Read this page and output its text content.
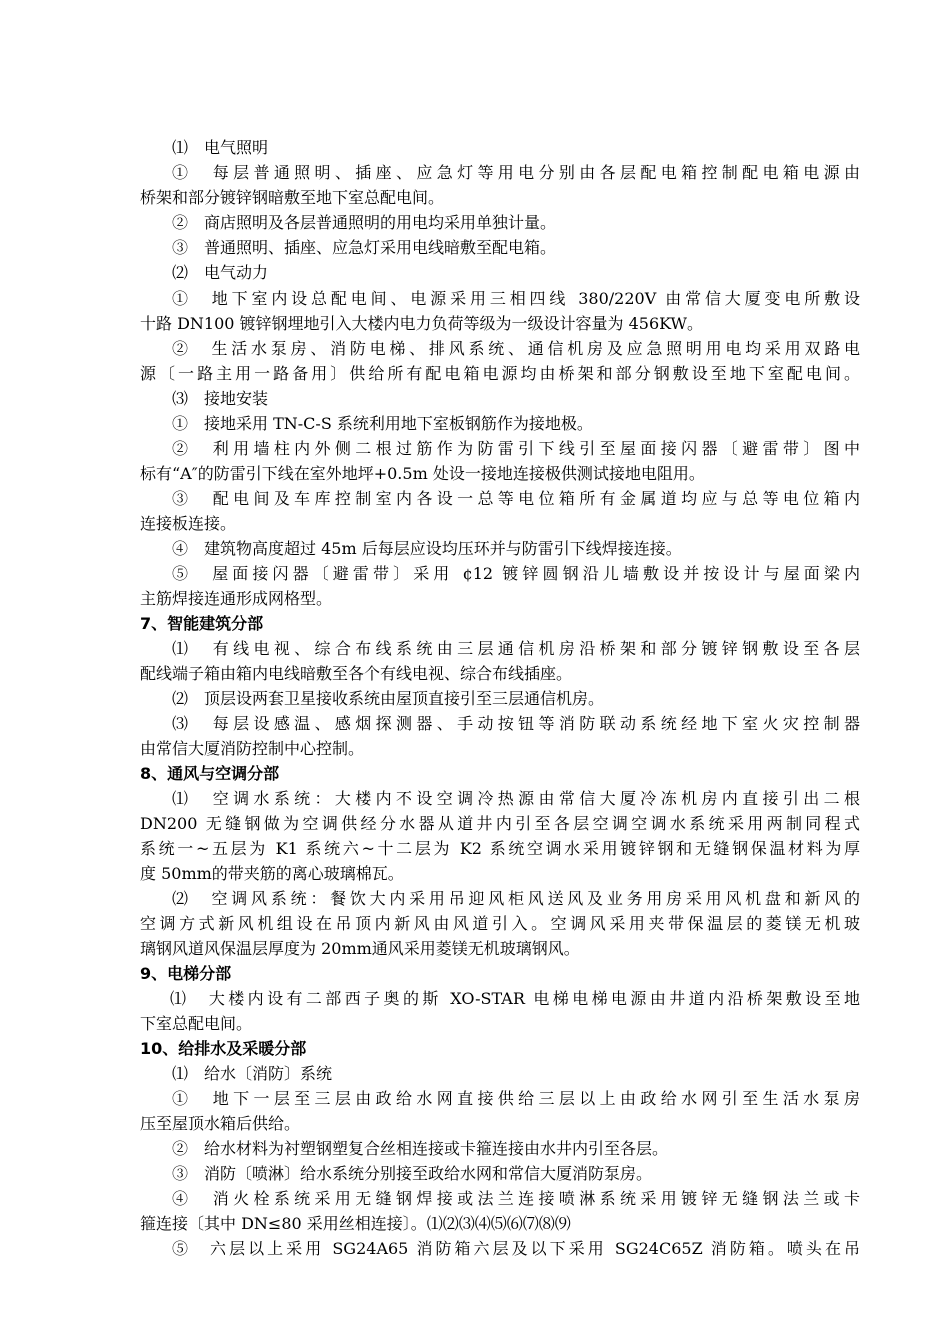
⑴　电气照明
①　每层普通照明、插座、应急灯等用电分别由各层配电箱控制配电箱电源由
桥架和部分镀锌钢暗敷至地下室总配电间。
②　商店照明及各层普通照明的用电均采用单独计量。
③　普通照明、插座、应急灯采用电线暗敷至配电箱。
⑵　电气动力
①　地下室内设总配电间、电源采用三相四线 380/220V 由常信大厦变电所敷设
十路 DN100 镀锌钢埋地引入大楼内电力负荷等级为一级设计容量为 456KW。
②　生活水泵房、消防电梯、排风系统、通信机房及应急照明用电均采用双路电
源〔一路主用一路备用〕供给所有配电箱电源均由桥架和部分钢敷设至地下室配电间。
⑶　接地安装
①　接地采用 TN-C-S 系统利用地下室板钢筋作为接地极。
②　利用墙柱内外侧二根过筋作为防雷引下线引至屋面接闪器〔避雷带〕图中
标有“A″的防雷引下线在室外地坪+0.5m 处设一接地连接极供测试接地电阻用。
③　配电间及车库控制室内各设一总等电位箱所有金属道均应与总等电位箱内
连接板连接。
④　建筑物高度超过 45m 后每层应设均压环并与防雷引下线焊接连接。
⑤　屋面接闪器〔避雷带〕采用 ¢12 镀锌圆钢沿儿墙敷设并按设计与屋面梁内
主筋焊接连通形成网格型。
7、智能建筑分部
⑴　有线电视、综合布线系统由三层通信机房沿桥架和部分镀锌钢敷设至各层
配线端子箱由箱内电线暗敷至各个有线电视、综合布线插座。
⑵　顶层设两套卫星接收系统由屋顶直接引至三层通信机房。
⑶　每层设感温、感烟探测器、手动按钮等消防联动系统经地下室火灾控制器
由常信大厦消防控制中心控制。
8、通风与空调分部
⑴　空调水系统：大楼内不设空调冷热源由常信大厦冷冻机房内直接引出二根
DN200 无缝钢做为空调供经分水器从道井内引至各层空调空调水系统采用两制同程式
系统一~五层为 K1 系统六~十二层为 K2 系统空调水采用镀锌钢和无缝钢保温材料为厚
度 50mm的带夹筋的离心玻璃棉瓦。
⑵　空调风系统：餐饮大内采用吊迎风柜风送风及业务用房采用风机盘和新风的
空调方式新风机组设在吊顶内新风由风道引入。空调风采用夹带保温层的菱镁无机玻
璃钢风道风保温层厚度为 20mm通风采用菱镁无机玻璃钢风。
9、电梯分部
⑴　大楼内设有二部西子奥的斯 XO-STAR 电梯电梯电源由井道内沿桥架敷设至地
下室总配电间。
10、给排水及采暖分部
⑴　给水〔消防〕系统
①　地下一层至三层由政给水网直接供给三层以上由政给水网引至生活水泵房
压至屋顶水箱后供给。
②　给水材料为衬塑钢塑复合丝相连接或卡箍连接由水井内引至各层。
③　消防〔喷淋〕给水系统分别接至政给水网和常信大厦消防泵房。
④　消火栓系统采用无缝钢焊接或法兰连接喷淋系统采用镀锌无缝钢法兰或卡
箍连接〔其中 DN≤80 采用丝相连接〕。⑴⑵⑶⑷⑸⑹⑺⑻⑼
⑤　六层以上采用 SG24A65 消防箱六层及以下采用 SG24C65Z 消防箱。喷头在吊
